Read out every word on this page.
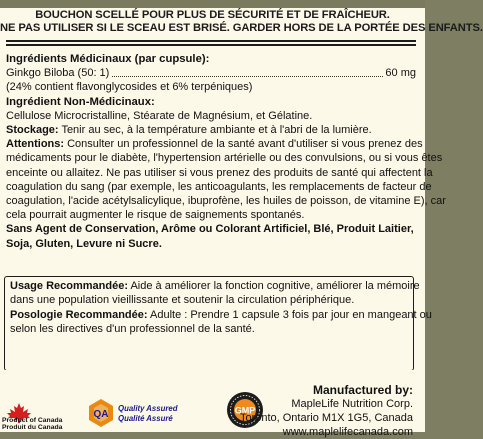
BOUCHON SCELLÉ POUR PLUS DE SÉCURITÉ ET DE FRAÎCHEUR.
NE PAS UTILISER SI LE SCEAU EST BRISÉ. GARDER HORS DE LA PORTÉE DES ENFANTS.
Ingrédients Médicinaux (par cupsule):
Ginkgo Biloba (50: 1)	60 mg
(24% contient flavonglycosides et 6% terpéniques)
Ingrédient Non-Médicinaux:
Cellulose Microcristalline, Stéarate de Magnésium, et Gélatine.
Stockage: Tenir au sec, à la température ambiante et à l'abri de la lumière.
Attentions: Consulter un professionnel de la santé avant d'utiliser si vous prenez des
médicaments pour le diabète, l'hypertension artérielle ou des convulsions, ou si vous êtes
enceinte ou allaitez. Ne pas utiliser si vous prenez des produits de santé qui affectent la
coagulation du sang (par exemple, les anticoagulants, les remplacements de facteur de
coagulation, l'acide acétylsalicylique, ibuprofène, les huiles de poisson, de vitamine E), car
cela pourrait augmenter le risque de saignements spontanés.
Sans Agent de Conservation, Arôme ou Colorant Artificiel, Blé, Produit Laitier,
Soja, Gluten, Levure ni Sucre.
Usage Recommandée: Aide à améliorer la fonction cognitive, améliorer la mémoire
dans une population vieillissante et soutenir la circulation périphérique.
Posologie Recommandée: Adulte : Prendre 1 capsule 3 fois par jour en mangeant ou
selon les directives d'un professionnel de la santé.
Product of Canada
Produit du Canada
QA
Quality Assured
Qualité Assuré
GMP
Manufactured by:
MapleLife Nutrition Corp.
Toronto, Ontario M1X 1G5, Canada
www.maplelifecanada.com
